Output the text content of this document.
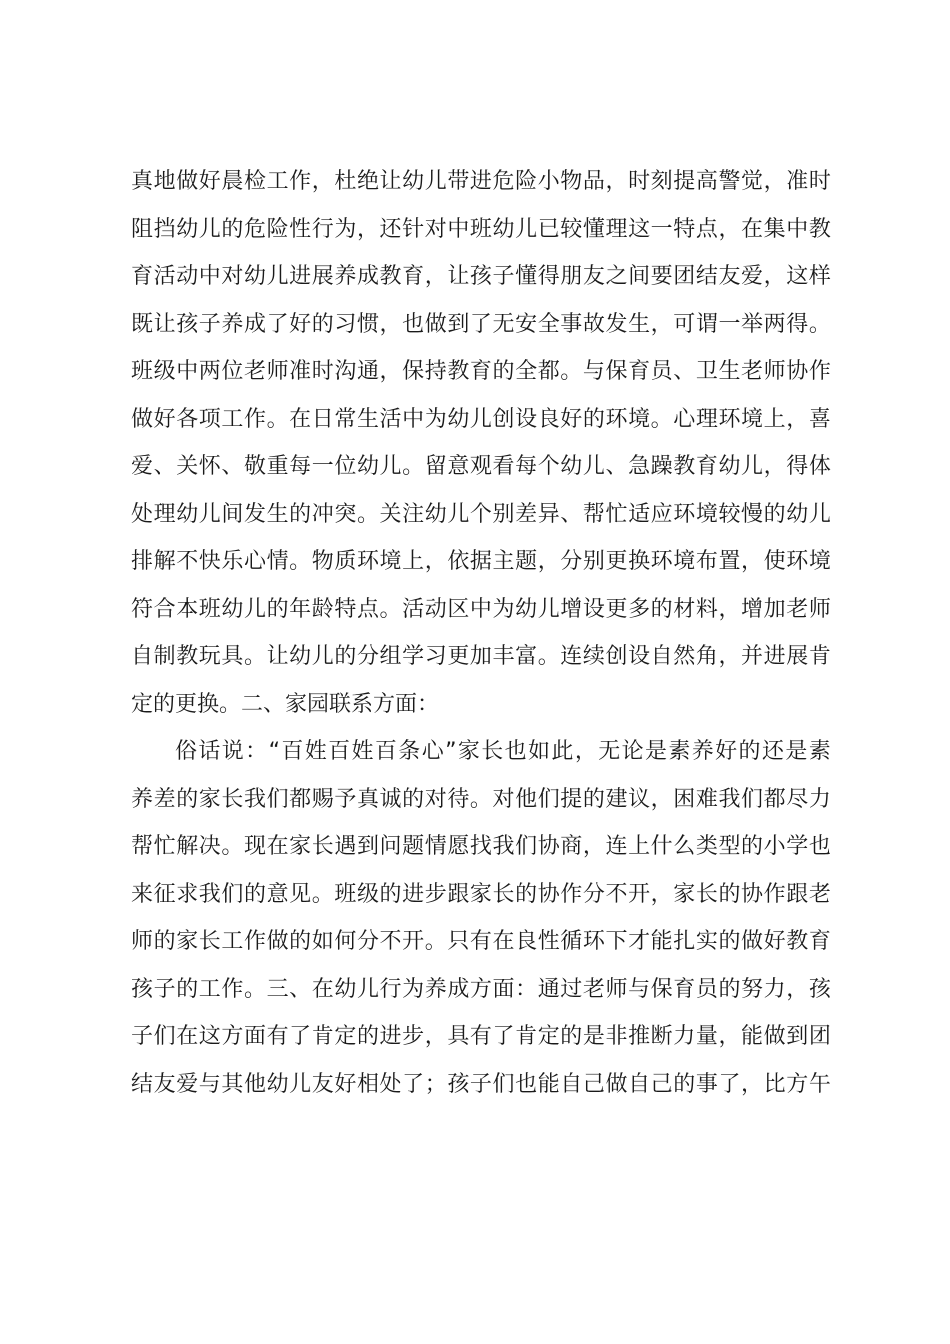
真 地 做 好 晨 检 工 作 ， 杜 绝 让 幼 儿 带 进 危 险 小 物 品 ， 时 刻 提 高 警 觉 ， 准 时
阻 挡 幼 儿 的 危 险 性 行 为 ， 还 针 对 中 班 幼 儿 已 较 懂 理 这 一 特 点 ， 在 集 中 教
育 活 动 中 对 幼 儿 进 展 养 成 教 育 ， 让 孩 子 懂 得 朋 友 之 间 要 团 结 友 爱 ， 这 样
既 让 孩 子 养 成 了 好 的 习 惯 ， 也 做 到 了 无 安 全 事 故 发 生 ， 可 谓 一 举 两 得 。
班 级 中 两 位 老 师 准 时 沟 通 ， 保 持 教 育 的 全 都 。 与 保 育 员 、 卫 生 老 师 协 作
做 好 各 项 工 作 。 在 日 常 生 活 中 为 幼 儿 创 设 良 好 的 环 境 。 心 理 环 境 上 ， 喜
爱 、 关 怀 、 敬 重 每 一 位 幼 儿 。 留 意 观 看 每 个 幼 儿 、 急 躁 教 育 幼 儿 ， 得 体
处 理 幼 儿 间 发 生 的 冲 突 。 关 注 幼 儿 个 别 差 异 、 帮 忙 适 应 环 境 较 慢 的 幼 儿
排 解 不 快 乐 心 情 。 物 质 环 境 上 ， 依 据 主 题 ， 分 别 更 换 环 境 布 置 ， 使 环 境
符 合 本 班 幼 儿 的 年 龄 特 点 。 活 动 区 中 为 幼 儿 增 设 更 多 的 材 料 ， 增 加 老 师
自 制 教 玩 具 。 让 幼 儿 的 分 组 学 习 更 加 丰 富 。 连 续 创 设 自 然 角 ， 并 进 展 肯
定的更换。二、家园联系方面：
俗 话 说 ： “ 百 姓 百 姓 百 条 心 ” 家 长 也 如 此 ， 无 论 是 素 养 好 的 还 是 素
养 差 的 家 长 我 们 都 赐 予 真 诚 的 对 待 。 对 他 们 提 的 建 议 ， 困 难 我 们 都 尽 力
帮 忙 解 决 。 现 在 家 长 遇 到 问 题 情 愿 找 我 们 协 商 ， 连 上 什 么 类 型 的 小 学 也
来 征 求 我 们 的 意 见 。 班 级 的 进 步 跟 家 长 的 协 作 分 不 开 ， 家 长 的 协 作 跟 老
师 的 家 长 工 作 做 的 如 何 分 不 开 。 只 有 在 良 性 循 环 下 才 能 扎 实 的 做 好 教 育
孩 子 的 工 作 。 三 、 在 幼 儿 行 为 养 成 方 面 ： 通 过 老 师 与 保 育 员 的 努 力 ， 孩
子 们 在 这 方 面 有 了 肯 定 的 进 步 ， 具 有 了 肯 定 的 是 非 推 断 力 量 ， 能 做 到 团
结 友 爱 与 其 他 幼 儿 友 好 相 处 了 ； 孩 子 们 也 能 自 己 做 自 己 的 事 了 ， 比 方 午
